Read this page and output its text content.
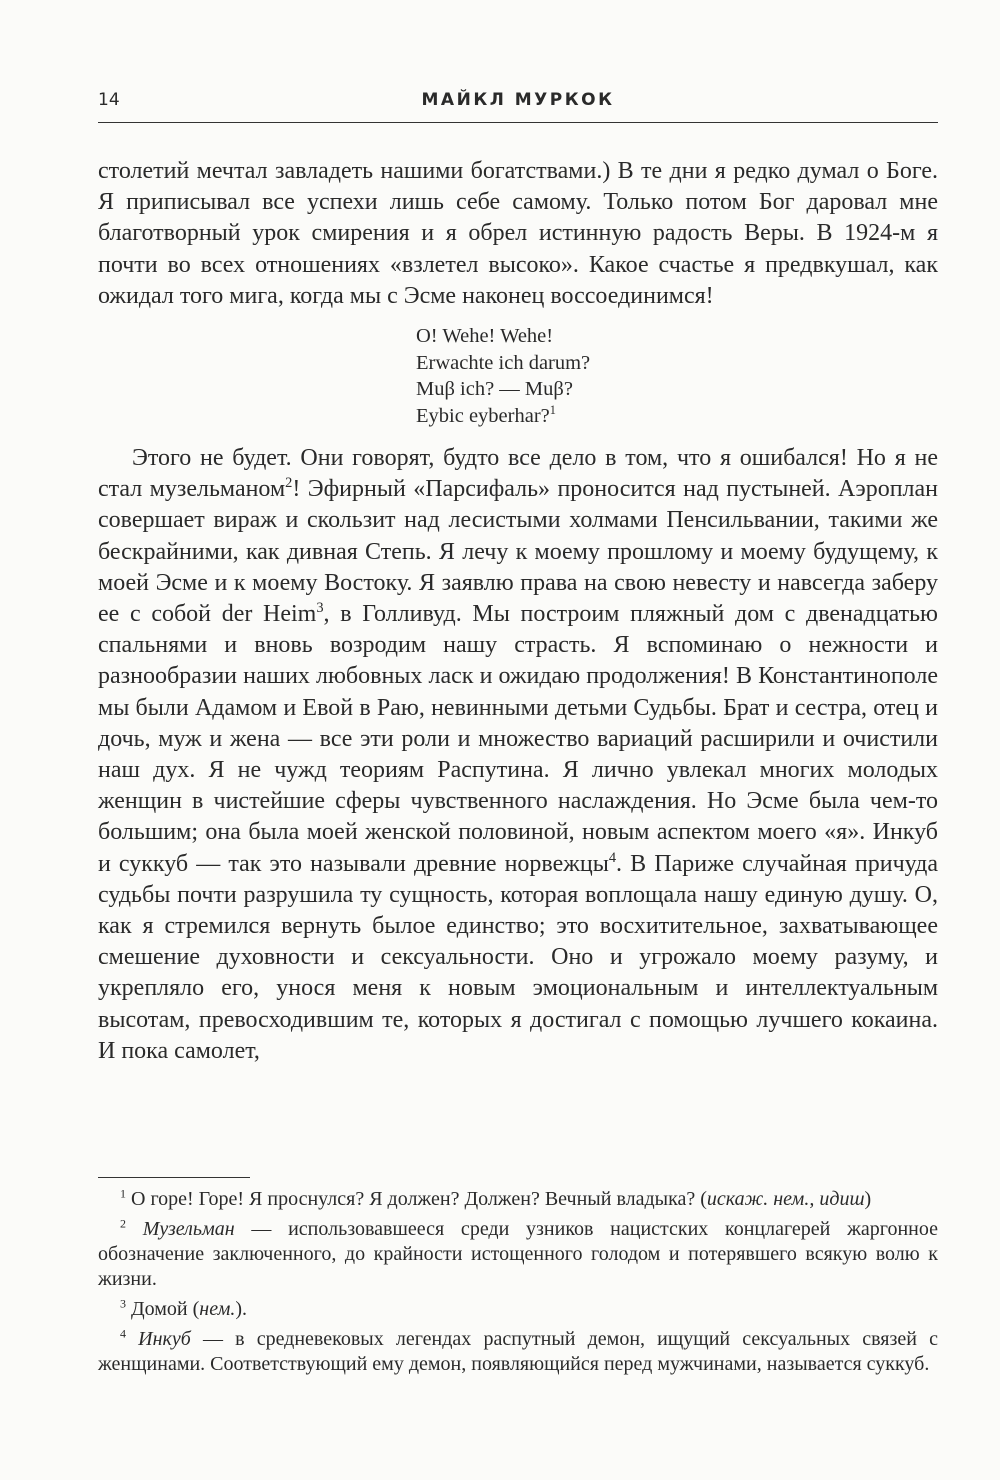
14	МАЙКЛ МУРКОК

столетий мечтал завладеть нашими богатствами.) В те дни я редко думал о Боге. Я приписывал все успехи лишь себе самому. Только потом Бог даровал мне благотворный урок смирения и я обрел истинную радость Веры. В 1924-м я почти во всех отношениях «взлетел высоко». Какое счастье я предвкушал, как ожидал того мига, когда мы с Эсме наконец воссоединимся!

O! Wehe! Wehe!
Erwachte ich darum?
Muβ ich? — Muβ?
Eybic eyberhar?$^1$

Этого не будет. Они говорят, будто все дело в том, что я ошибался! Но я не стал музельманом$^2$! Эфирный «Парсифаль» проносится над пустыней. Аэроплан совершает вираж и скользит над лесистыми холмами Пенсильвании, такими же бескрайними, как дивная Степь. Я лечу к моему прошлому и моему будущему, к моей Эсме и к моему Востоку. Я заявлю права на свою невесту и навсегда заберу ее с собой der Heim$^3$, в Голливуд. Мы построим пляжный дом с двенадцатью спальнями и вновь возродим нашу страсть. Я вспоминаю о нежности и разнообразии наших любовных ласк и ожидаю продолжения! В Константинополе мы были Адамом и Евой в Раю, невинными детьми Судьбы. Брат и сестра, отец и дочь, муж и жена — все эти роли и множество вариаций расширили и очистили наш дух. Я не чужд теориям Распутина. Я лично увлекал многих молодых женщин в чистейшие сферы чувственного наслаждения. Но Эсме была чем-то большим; она была моей женской половиной, новым аспектом моего «я». Инкуб и суккуб — так это называли древние норвежцы$^4$. В Париже случайная причуда судьбы почти разрушила ту сущность, которая воплощала нашу единую душу. О, как я стремился вернуть былое единство; это восхитительное, захватывающее смешение духовности и сексуальности. Оно и угрожало моему разуму, и укрепляло его, унося меня к новым эмоциональным и интеллектуальным высотам, превосходившим те, которых я достигал с помощью лучшего кокаина. И пока самолет,

$^1$ О горе! Горе! Я проснулся? Я должен? Должен? Вечный владыка? (искаж. нем., идиш)

$^2$ Музельман — использовавшееся среди узников нацистских концлагерей жаргонное обозначение заключенного, до крайности истощенного голодом и потерявшего всякую волю к жизни.

$^3$ Домой (нем.).

$^4$ Инкуб — в средневековых легендах распутный демон, ищущий сексуальных связей с женщинами. Соответствующий ему демон, появляющийся перед мужчинами, называется суккуб.
